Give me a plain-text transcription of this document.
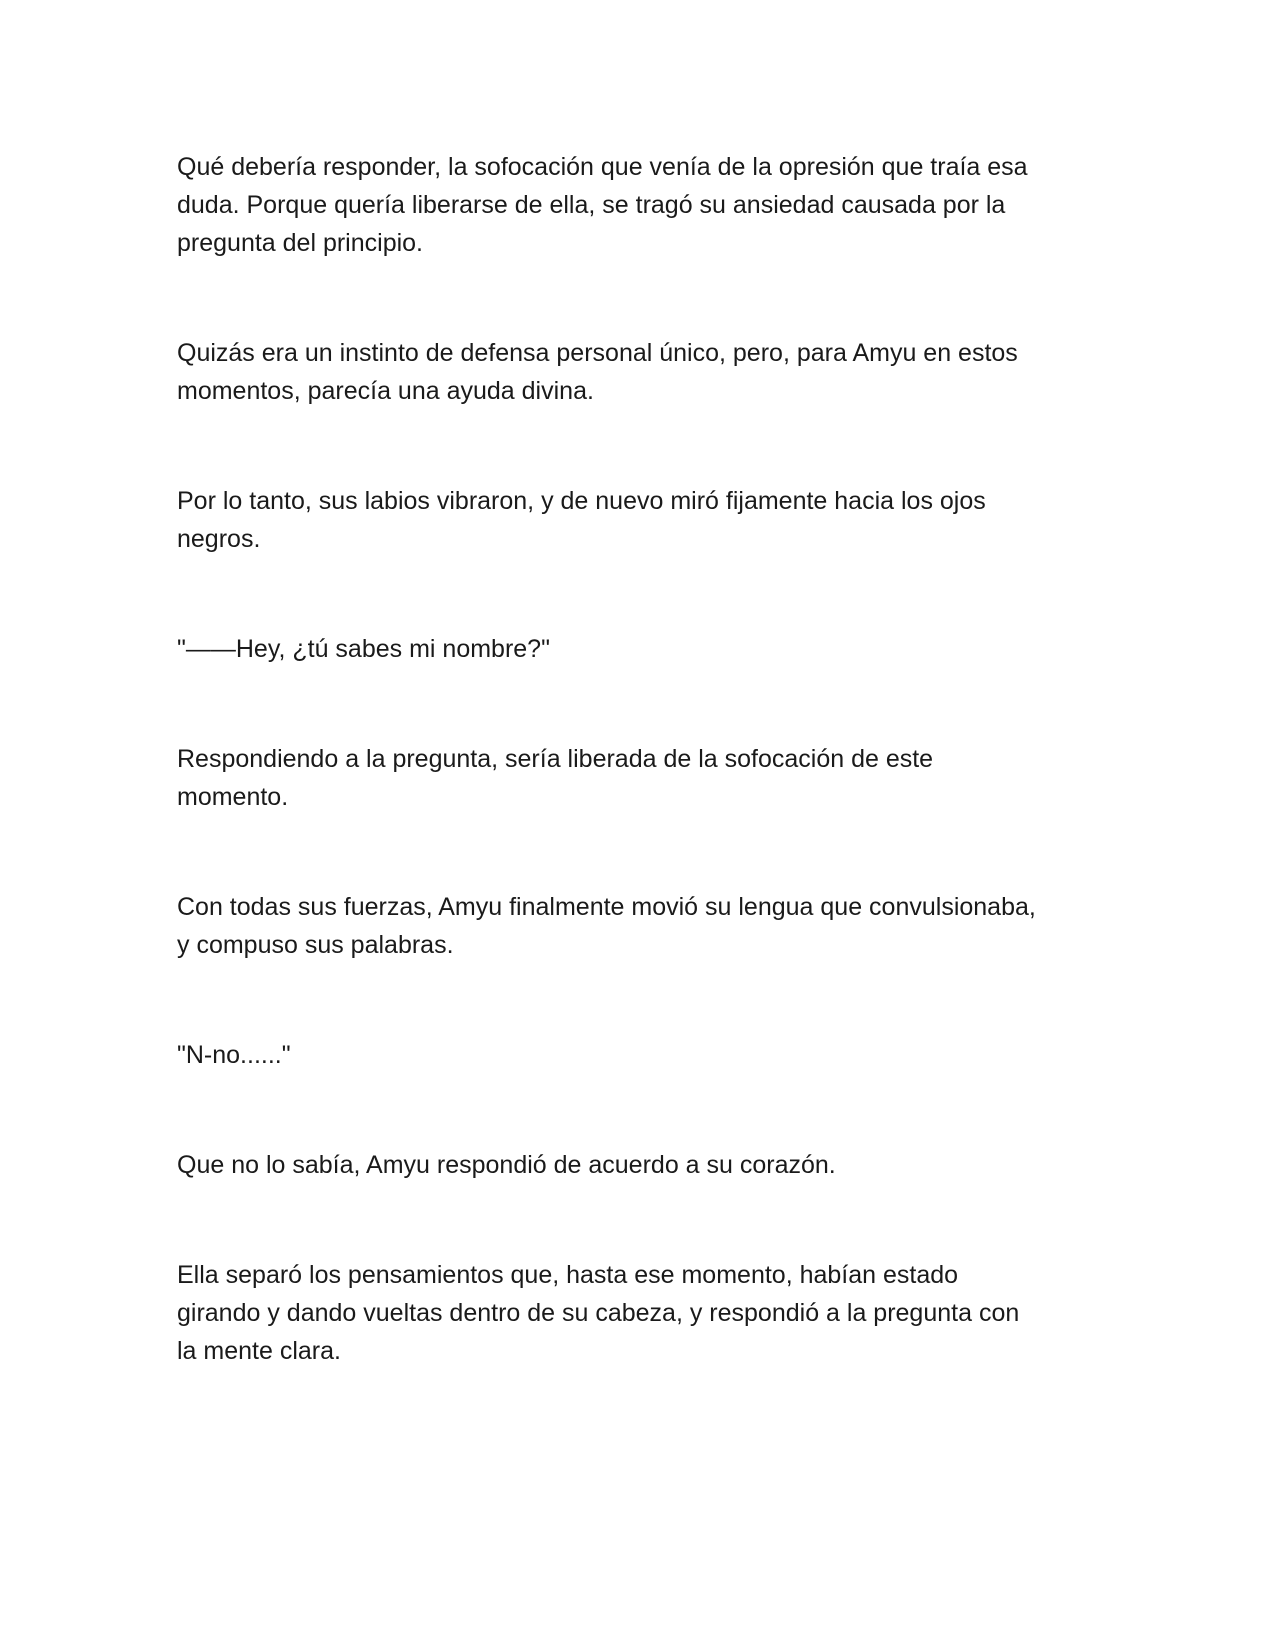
Qué debería responder, la sofocación que venía de la opresión que traía esa
duda. Porque quería liberarse de ella, se tragó su ansiedad causada por la
pregunta del principio.

Quizás era un instinto de defensa personal único, pero, para Amyu en estos
momentos, parecía una ayuda divina.

Por lo tanto, sus labios vibraron, y de nuevo miró fijamente hacia los ojos
negros.

"——Hey, ¿tú sabes mi nombre?"

Respondiendo a la pregunta, sería liberada de la sofocación de este
momento.

Con todas sus fuerzas, Amyu finalmente movió su lengua que convulsionaba,
y compuso sus palabras.

"N-no......"

Que no lo sabía, Amyu respondió de acuerdo a su corazón.

Ella separó los pensamientos que, hasta ese momento, habían estado
girando y dando vueltas dentro de su cabeza, y respondió a la pregunta con
la mente clara.
